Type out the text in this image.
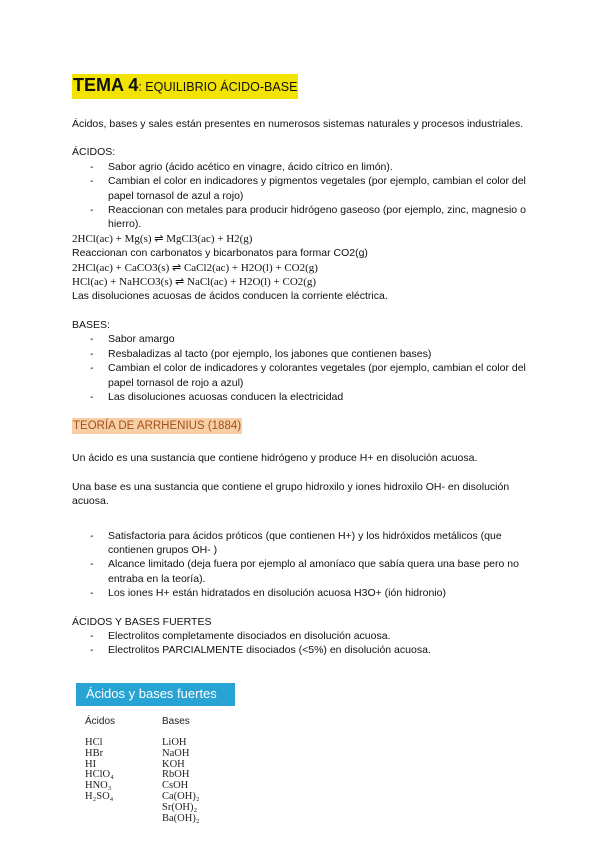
TEMA 4: EQUILIBRIO ÁCIDO-BASE

Ácidos, bases y sales están presentes en numerosos sistemas naturales y procesos industriales.

ÁCIDOS:

- Sabor agrio (ácido acético en vinagre, ácido cítrico en limón).
- Cambian el color en indicadores y pigmentos vegetales (por ejemplo, cambian el color del papel tornasol de azul a rojo)
- Reaccionan con metales para producir hidrógeno gaseoso (por ejemplo, zinc, magnesio o hierro).

2HCl(ac) + Mg(s) ⇌ MgCl3(ac) + H2(g)

Reaccionan con carbonatos y bicarbonatos para formar CO2(g)

2HCl(ac) + CaCO3(s) ⇌ CaCl2(ac) + H2O(l) + CO2(g)

HCl(ac) + NaHCO3(s) ⇌ NaCl(ac) + H2O(l) + CO2(g)

Las disoluciones acuosas de ácidos conducen la corriente eléctrica.

BASES:

- Sabor amargo
- Resbaladizas al tacto (por ejemplo, los jabones que contienen bases)
- Cambian el color de indicadores y colorantes vegetales (por ejemplo, cambian el color del papel tornasol de rojo a azul)
- Las disoluciones acuosas conducen la electricidad
TEORÍA DE ARRHENIUS (1884)

Un ácido es una sustancia que contiene hidrógeno y produce H+ en disolución acuosa.

Una base es una sustancia que contiene el grupo hidroxilo y iones hidroxilo OH- en disolución acuosa.

- Satisfactoria para ácidos próticos (que contienen H+) y los hidróxidos metálicos (que contienen grupos OH- )
- Alcance limitado (deja fuera por ejemplo al amoníaco que sabía quera una base pero no entraba en la teoría).
- Los iones H+ están hidratados en disolución acuosa H3O+ (ión hidronio)

ÁCIDOS Y BASES FUERTES

- Electrolitos completamente disociados en disolución acuosa.
- Electrolitos PARCIALMENTE disociados (<5%) en disolución acuosa.
Ácidos y bases fuertes
Ácidos	Bases
HCl
HBr
HI
HClO₄
HNO₃
H₂SO₄
LiOH
NaOH
KOH
RbOH
CsOH
Ca(OH)₂
Sr(OH)₂
Ba(OH)₂
